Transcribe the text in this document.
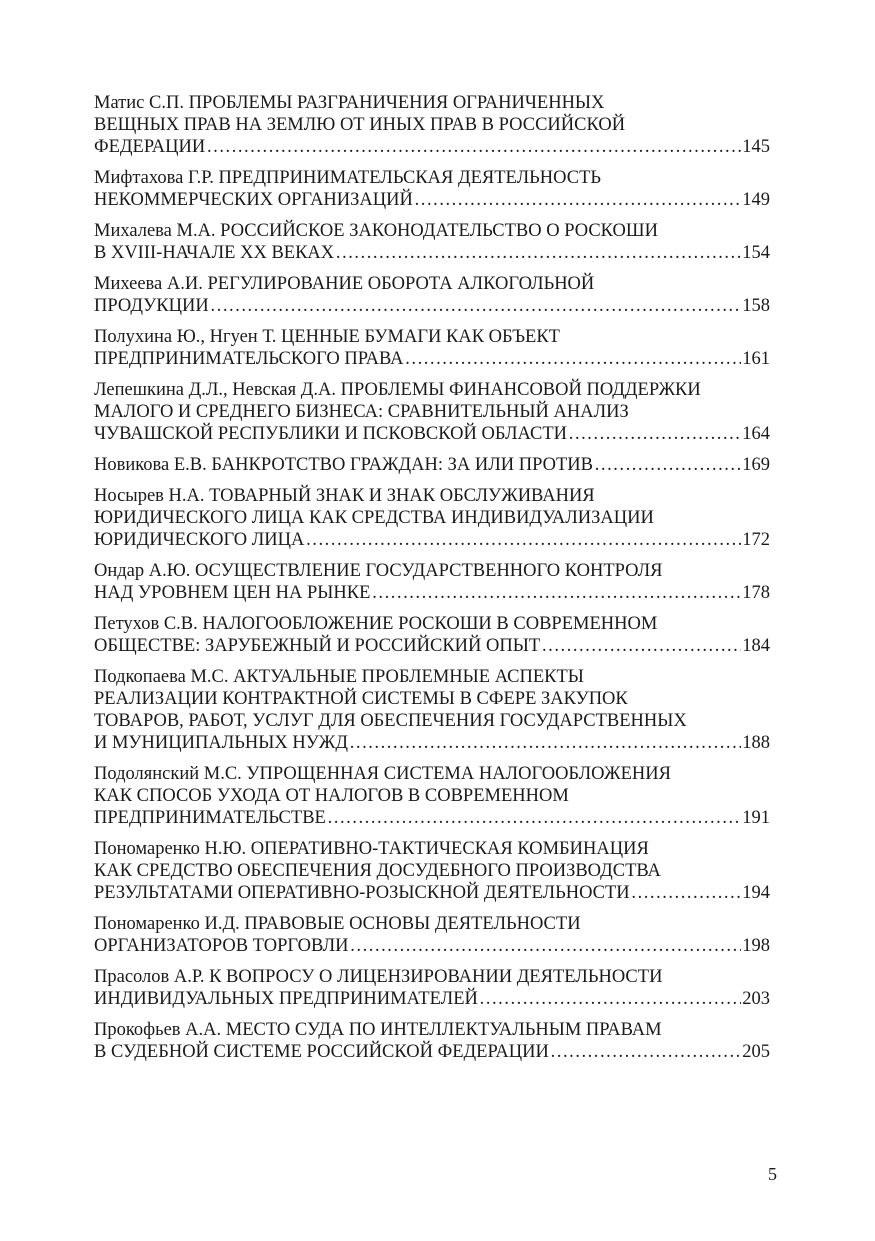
Матис С.П. ПРОБЛЕМЫ РАЗГРАНИЧЕНИЯ ОГРАНИЧЕННЫХ
ВЕЩНЫХ ПРАВ НА ЗЕМЛЮ ОТ ИНЫХ ПРАВ В РОССИЙСКОЙ
ФЕДЕРАЦИИ …………………………………………………………………………………………………………………………………………………………………………………………	145
Мифтахова Г.Р. ПРЕДПРИНИМАТЕЛЬСКАЯ ДЕЯТЕЛЬНОСТЬ
НЕКОММЕРЧЕСКИХ ОРГАНИЗАЦИЙ …………………………………………………………………………………………………………………………………………………………………………………………	149
Михалева М.А. РОССИЙСКОЕ ЗАКОНОДАТЕЛЬСТВО О РОСКОШИ
В XVIII-НАЧАЛЕ XX ВЕКАХ …………………………………………………………………………………………………………………………………………………………………………………………	154
Михеева А.И. РЕГУЛИРОВАНИЕ ОБОРОТА АЛКОГОЛЬНОЙ
ПРОДУКЦИИ …………………………………………………………………………………………………………………………………………………………………………………………	158
Полухина Ю., Нгуен Т. ЦЕННЫЕ БУМАГИ КАК ОБЪЕКТ
ПРЕДПРИНИМАТЕЛЬСКОГО ПРАВА …………………………………………………………………………………………………………………………………………………………………………………………	161
Лепешкина Д.Л., Невская Д.А. ПРОБЛЕМЫ ФИНАНСОВОЙ ПОДДЕРЖКИ
МАЛОГО И СРЕДНЕГО БИЗНЕСА: СРАВНИТЕЛЬНЫЙ АНАЛИЗ
ЧУВАШСКОЙ РЕСПУБЛИКИ И ПСКОВСКОЙ ОБЛАСТИ …………………………………………………………………………………………………………………………………………………………………………………………	164
Новикова Е.В. БАНКРОТСТВО ГРАЖДАН: ЗА ИЛИ ПРОТИВ …………………………………………………………………………………………………………………………………………………………………………………………	169
Носырев Н.А. ТОВАРНЫЙ ЗНАК И ЗНАК ОБСЛУЖИВАНИЯ
ЮРИДИЧЕСКОГО ЛИЦА КАК СРЕДСТВА ИНДИВИДУАЛИЗАЦИИ
ЮРИДИЧЕСКОГО ЛИЦА …………………………………………………………………………………………………………………………………………………………………………………………	172
Ондар А.Ю. ОСУЩЕСТВЛЕНИЕ ГОСУДАРСТВЕННОГО КОНТРОЛЯ
НАД УРОВНЕМ ЦЕН НА РЫНКЕ …………………………………………………………………………………………………………………………………………………………………………………………	178
Петухов С.В. НАЛОГООБЛОЖЕНИЕ РОСКОШИ В СОВРЕМЕННОМ
ОБЩЕСТВЕ: ЗАРУБЕЖНЫЙ И РОССИЙСКИЙ ОПЫТ …………………………………………………………………………………………………………………………………………………………………………………………	184
Подкопаева М.С. АКТУАЛЬНЫЕ ПРОБЛЕМНЫЕ АСПЕКТЫ
РЕАЛИЗАЦИИ КОНТРАКТНОЙ СИСТЕМЫ В СФЕРЕ ЗАКУПОК
ТОВАРОВ, РАБОТ, УСЛУГ ДЛЯ ОБЕСПЕЧЕНИЯ ГОСУДАРСТВЕННЫХ
И МУНИЦИПАЛЬНЫХ НУЖД …………………………………………………………………………………………………………………………………………………………………………………………	188
Подолянский М.С. УПРОЩЕННАЯ СИСТЕМА НАЛОГООБЛОЖЕНИЯ
КАК СПОСОБ УХОДА ОТ НАЛОГОВ В СОВРЕМЕННОМ
ПРЕДПРИНИМАТЕЛЬСТВЕ …………………………………………………………………………………………………………………………………………………………………………………………	191
Пономаренко Н.Ю. ОПЕРАТИВНО-ТАКТИЧЕСКАЯ КОМБИНАЦИЯ
КАК СРЕДСТВО ОБЕСПЕЧЕНИЯ ДОСУДЕБНОГО ПРОИЗВОДСТВА
РЕЗУЛЬТАТАМИ ОПЕРАТИВНО-РОЗЫСКНОЙ ДЕЯТЕЛЬНОСТИ …………………………………………………………………………………………………………………………………………………………………………………………	194
Пономаренко И.Д. ПРАВОВЫЕ ОСНОВЫ ДЕЯТЕЛЬНОСТИ
ОРГАНИЗАТОРОВ ТОРГОВЛИ …………………………………………………………………………………………………………………………………………………………………………………………	198
Прасолов А.Р. К ВОПРОСУ О ЛИЦЕНЗИРОВАНИИ ДЕЯТЕЛЬНОСТИ
ИНДИВИДУАЛЬНЫХ ПРЕДПРИНИМАТЕЛЕЙ …………………………………………………………………………………………………………………………………………………………………………………………	203
Прокофьев А.А. МЕСТО СУДА ПО ИНТЕЛЛЕКТУАЛЬНЫМ ПРАВАМ
В СУДЕБНОЙ СИСТЕМЕ РОССИЙСКОЙ ФЕДЕРАЦИИ …………………………………………………………………………………………………………………………………………………………………………………………	205
5
